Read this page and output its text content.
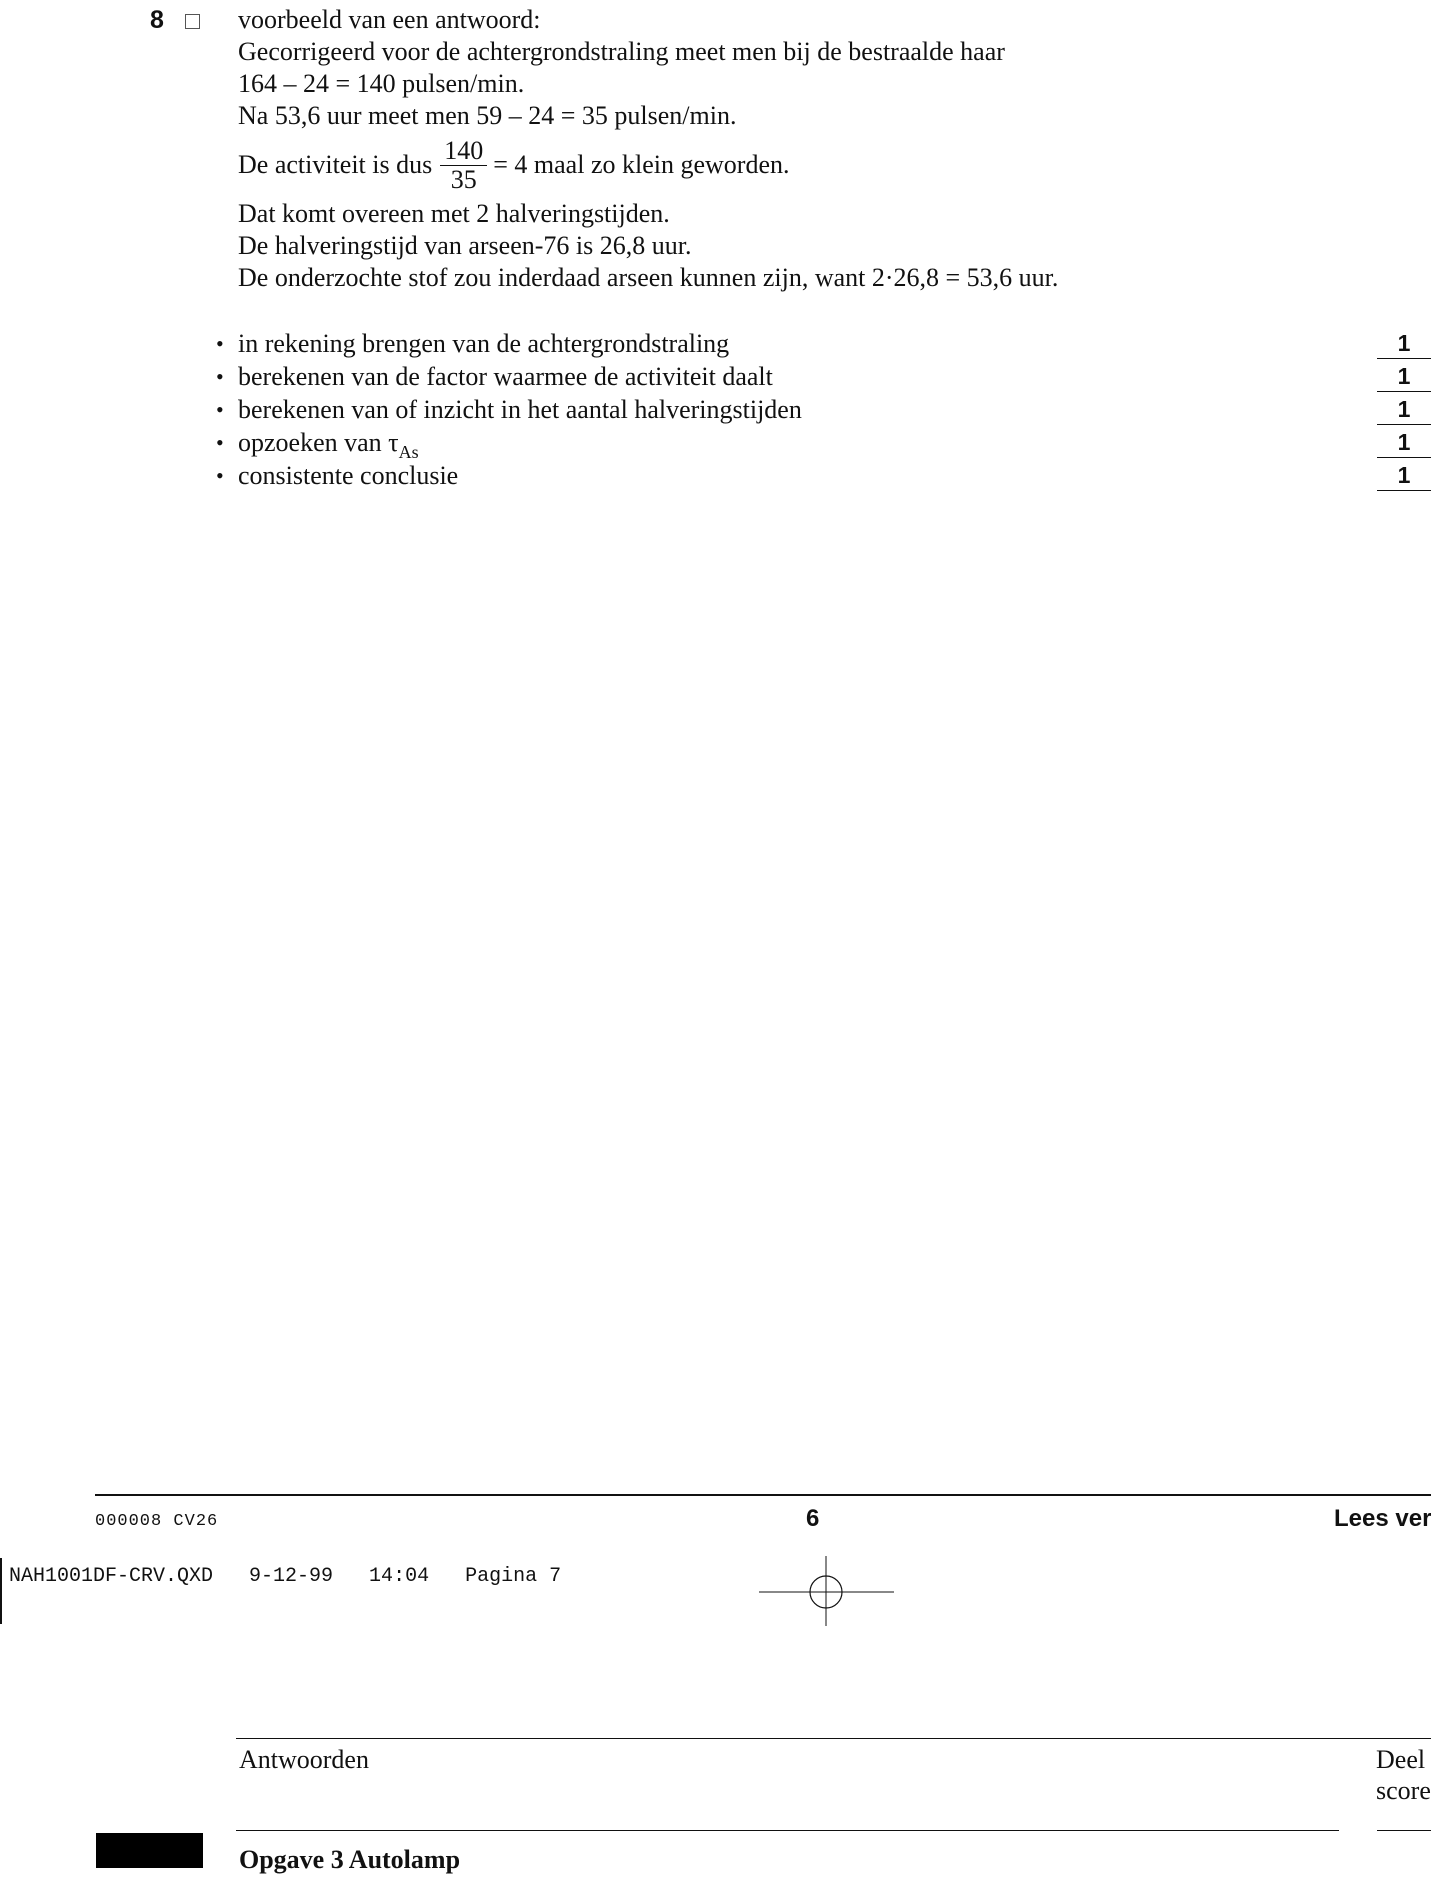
8	voorbeeld van een antwoord:
Gecorrigeerd voor de achtergrondstraling meet men bij de bestraalde haar
164 – 24 = 140 pulsen/min.
Na 53,6 uur meet men 59 – 24 = 35 pulsen/min.
De activiteit is dus $\frac{140}{35} = 4$ maal zo klein geworden.
Dat komt overeen met 2 halveringstijden.
De halveringstijd van arseen-76 is 26,8 uur.
De onderzochte stof zou inderdaad arseen kunnen zijn, want 2·26,8 = 53,6 uur.
• in rekening brengen van de achtergrondstraling	1
• berekenen van de factor waarmee de activiteit daalt	1
• berekenen van of inzicht in het aantal halveringstijden	1
• opzoeken van $\tau_{As}$	1
• consistente conclusie	1
000008 CV26	6	Lees ver
NAH1001DF-CRV.QXD   9-12-99   14:04   Pagina 7
Antwoorden	Deel
score
Opgave 3 Autolamp
